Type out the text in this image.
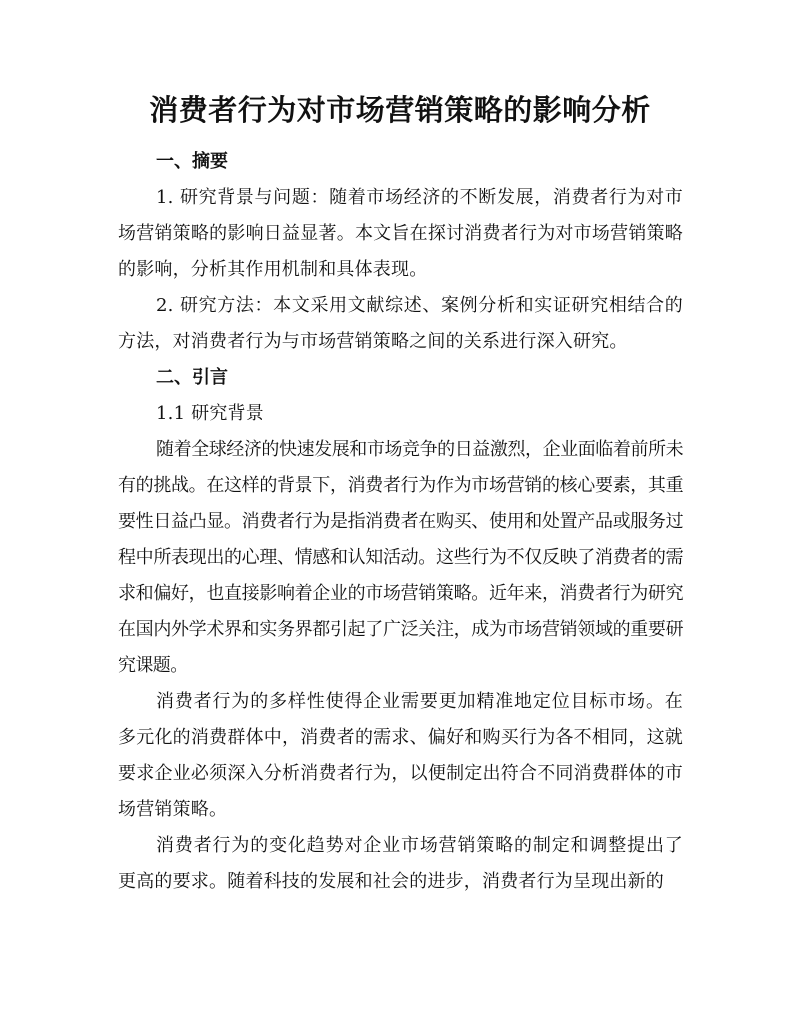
消费者行为对市场营销策略的影响分析
一、摘要

1. 研究背景与问题：随着市场经济的不断发展，消费者行为对市场营销策略的影响日益显著。本文旨在探讨消费者行为对市场营销策略的影响，分析其作用机制和具体表现。

2. 研究方法：本文采用文献综述、案例分析和实证研究相结合的方法，对消费者行为与市场营销策略之间的关系进行深入研究。

二、引言

1.1 研究背景

随着全球经济的快速发展和市场竞争的日益激烈，企业面临着前所未有的挑战。在这样的背景下，消费者行为作为市场营销的核心要素，其重要性日益凸显。消费者行为是指消费者在购买、使用和处置产品或服务过程中所表现出的心理、情感和认知活动。这些行为不仅反映了消费者的需求和偏好，也直接影响着企业的市场营销策略。近年来，消费者行为研究在国内外学术界和实务界都引起了广泛关注，成为市场营销领域的重要研究课题。

消费者行为的多样性使得企业需要更加精准地定位目标市场。在多元化的消费群体中，消费者的需求、偏好和购买行为各不相同，这就要求企业必须深入分析消费者行为，以便制定出符合不同消费群体的市场营销策略。

消费者行为的变化趋势对企业市场营销策略的制定和调整提出了更高的要求。随着科技的发展和社会的进步，消费者行为呈现出新的
